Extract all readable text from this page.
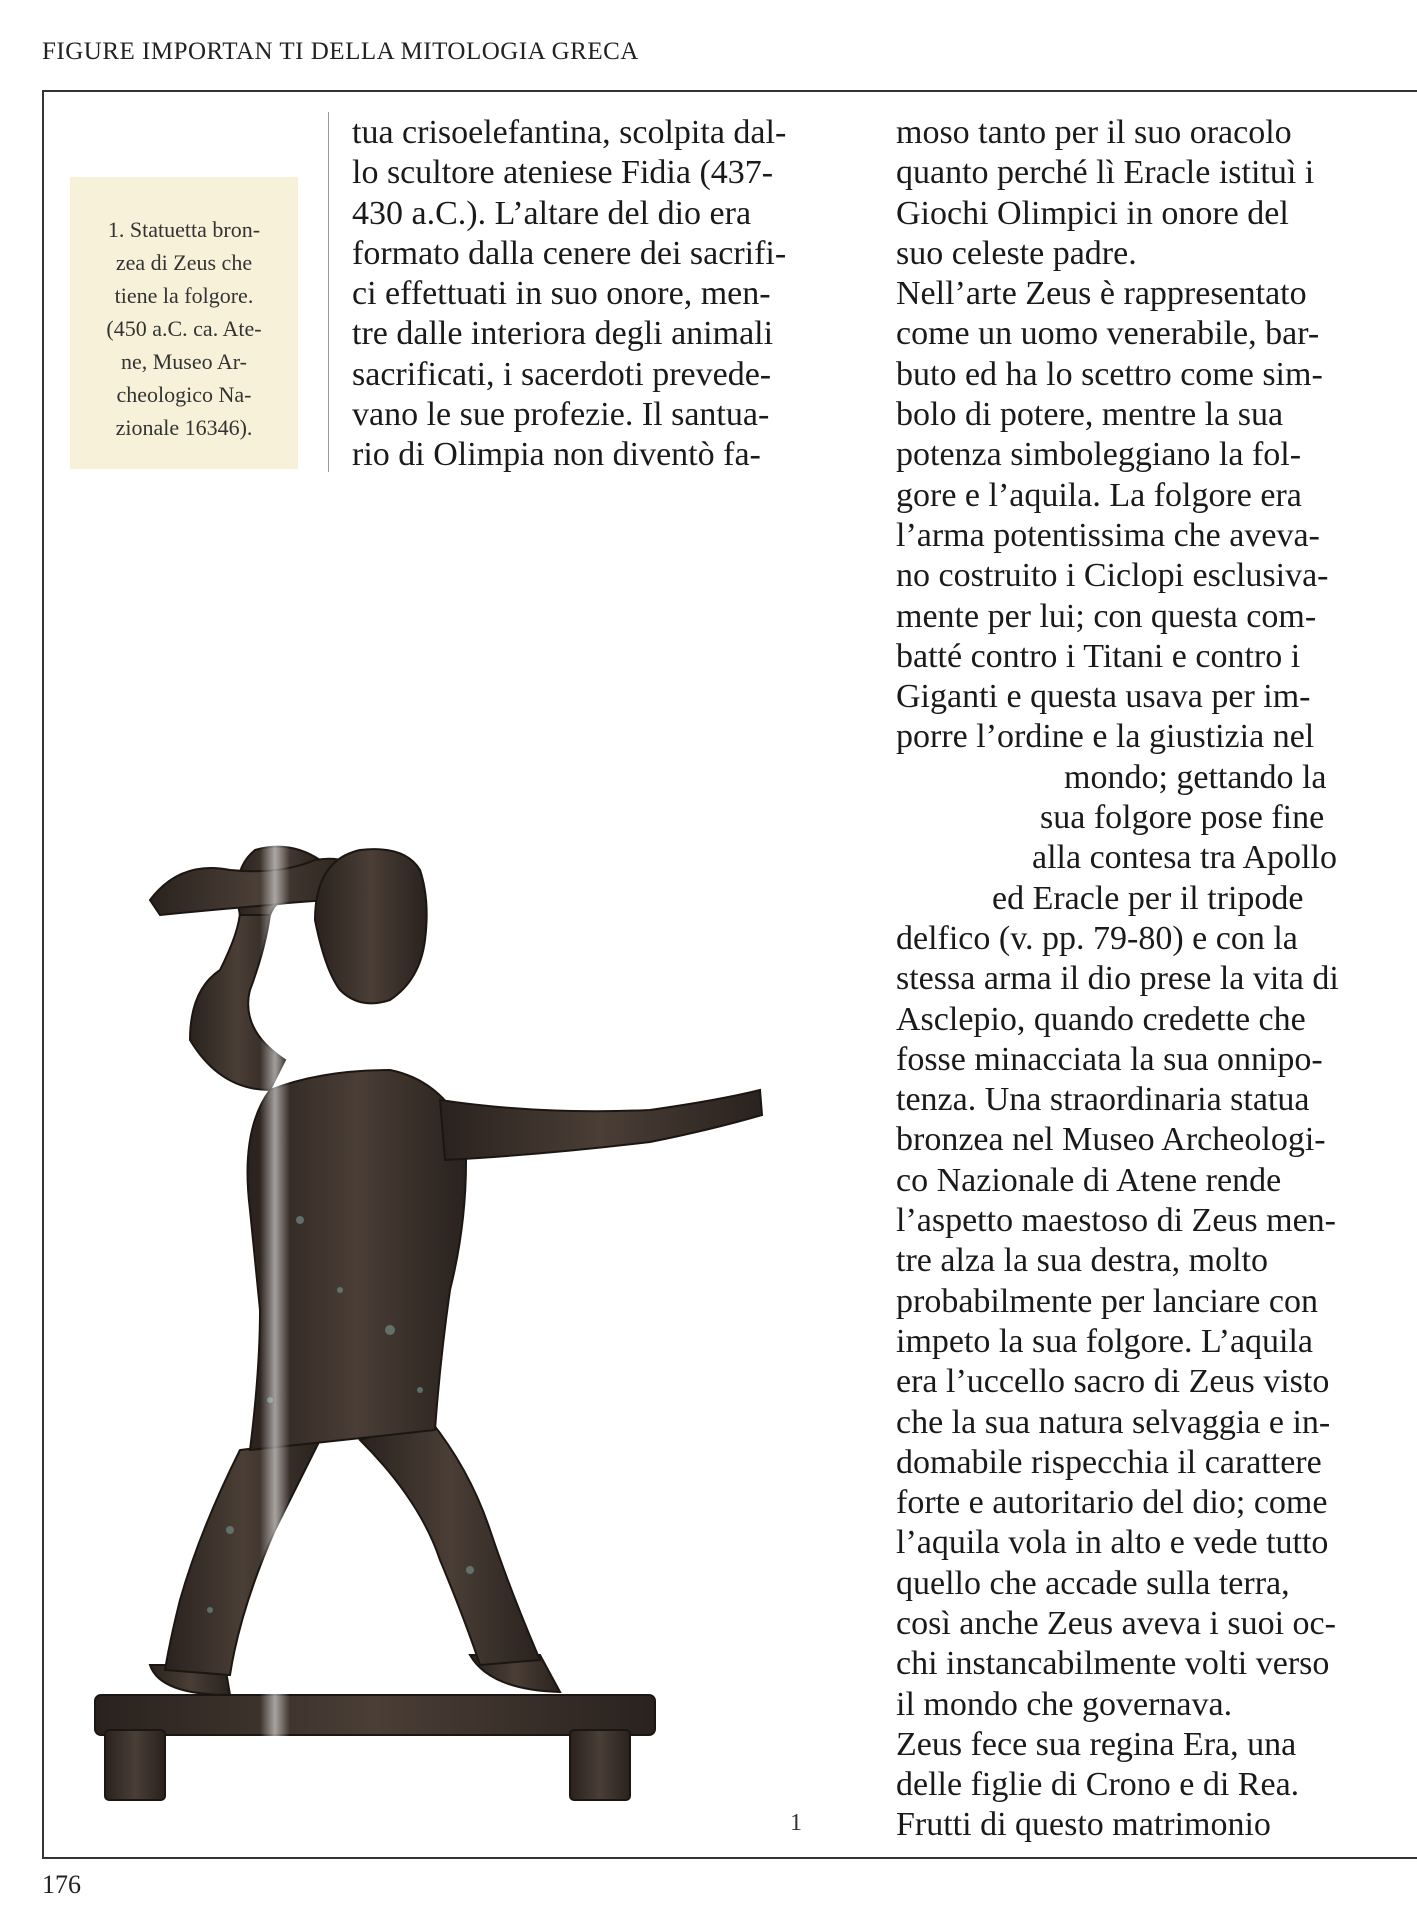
FIGURE IMPORTAN TI DELLA MITOLOGIA GRECA
1. Statuetta bron-
zea di Zeus che
tiene la folgore.
(450 a.C. ca. Ate-
ne, Museo Ar-
cheologico Na-
zionale 16346).
tua crisoelefantina, scolpita dal-
lo scultore ateniese Fidia (437-
430 a.C.). L’altare del dio era
formato dalla cenere dei sacrifi-
ci effettuati in suo onore, men-
tre dalle interiora degli animali
sacrificati, i sacerdoti prevede-
vano le sue profezie. Il santua-
rio di Olimpia non diventò fa-
moso tanto per il suo oracolo
quanto perché lì Eracle istituì i
Giochi Olimpici in onore del
suo celeste padre.
Nell’arte Zeus è rappresentato
come un uomo venerabile, bar-
buto ed ha lo scettro come sim-
bolo di potere, mentre la sua
potenza simboleggiano la fol-
gore e l’aquila. La folgore era
l’arma potentissima che aveva-
no costruito i Ciclopi esclusiva-
mente per lui; con questa com-
batté contro i Titani e contro i
Giganti e questa usava per im-
porre l’ordine e la giustizia nel
mondo; gettando la
sua folgore pose fine
alla contesa tra Apollo
ed Eracle per il tripode
delfico (v. pp. 79-80) e con la
stessa arma il dio prese la vita di
Asclepio, quando credette che
fosse minacciata la sua onnipo-
tenza. Una straordinaria statua
bronzea nel Museo Archeologi-
co Nazionale di Atene rende
l’aspetto maestoso di Zeus men-
tre alza la sua destra, molto
probabilmente per lanciare con
impeto la sua folgore. L’aquila
era l’uccello sacro di Zeus visto
che la sua natura selvaggia e in-
domabile rispecchia il carattere
forte e autoritario del dio; come
l’aquila vola in alto e vede tutto
quello che accade sulla terra,
così anche Zeus aveva i suoi oc-
chi instancabilmente volti verso
il mondo che governava.
Zeus fece sua regina Era, una
delle figlie di Crono e di Rea.
Frutti di questo matrimonio
1
176
